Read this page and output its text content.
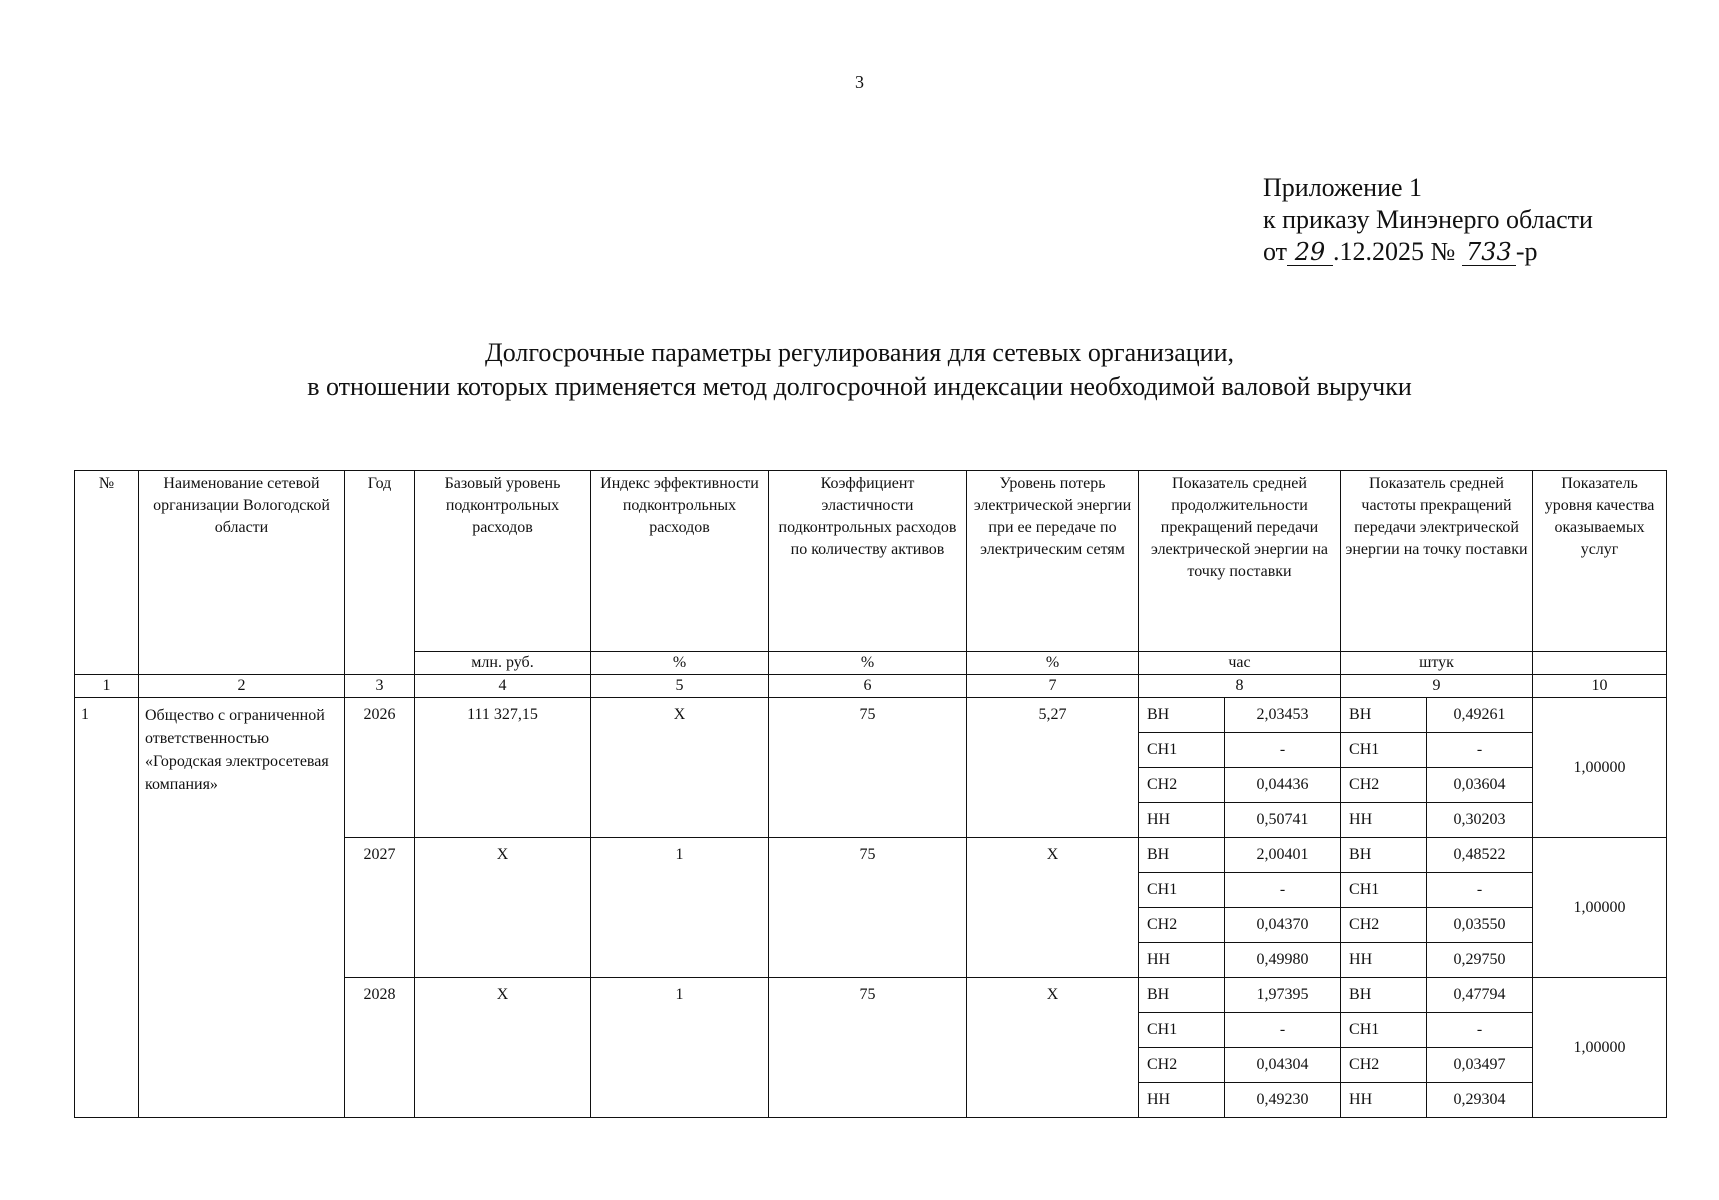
3
Приложение 1
к приказу Минэнерго области
от 29 .12.2025 № 733 -р
Долгосрочные параметры регулирования для сетевых организации,
в отношении которых применяется метод долгосрочной индексации необходимой валовой выручки
№	Наименование сетевой организации Вологодской области	Год	Базовый уровень подконтрольных расходов	Индекс эффективности подконтрольных расходов	Коэффициент эластичности подконтрольных расходов по количеству активов	Уровень потерь электрической энергии при ее передаче по электрическим сетям	Показатель средней продолжительности прекращений передачи электрической энергии на точку поставки		Показатель средней частоты прекращений передачи электрической энергии на точку поставки		Показатель уровня качества оказываемых услуг
			млн. руб.	%	%	%	час		штук		
1	2	3	4	5	6	7	8		9		10
1	Общество с ограниченной ответственностью «Городская электросетевая компания»	2026	111 327,15	Х	75	5,27	ВН	2,03453	ВН	0,49261	1,00000
							СН1	-	СН1	-	
							СН2	0,04436	СН2	0,03604	
							НН	0,50741	НН	0,30203	
		2027	Х	1	75	Х	ВН	2,00401	ВН	0,48522	1,00000
							СН1	-	СН1	-	
							СН2	0,04370	СН2	0,03550	
							НН	0,49980	НН	0,29750	
		2028	Х	1	75	Х	ВН	1,97395	ВН	0,47794	1,00000
							СН1	-	СН1	-	
							СН2	0,04304	СН2	0,03497	
							НН	0,49230	НН	0,29304	
